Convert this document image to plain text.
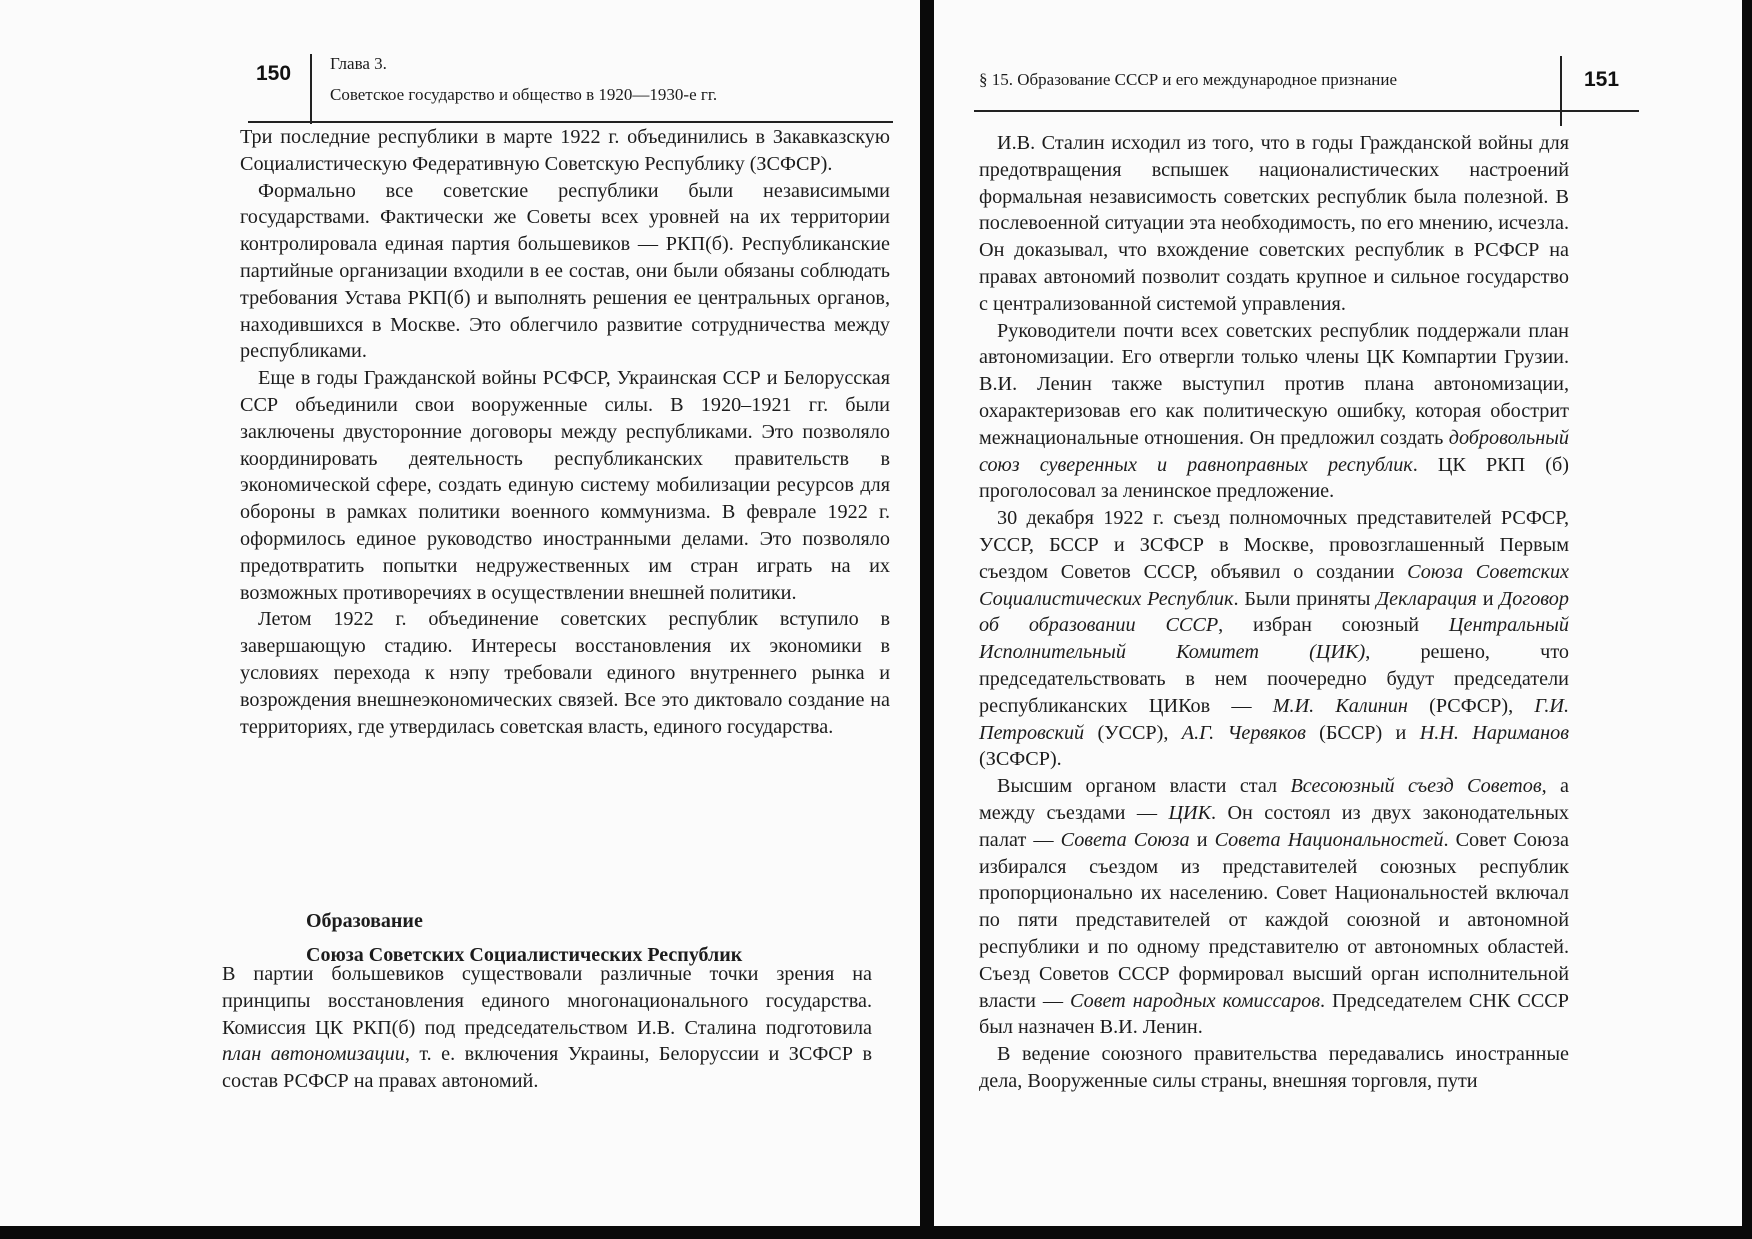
150 Глава 3.
Советское государство и общество в 1920—1930-е гг.

Три последние республики в марте 1922 г. объединились в Закавказскую Социалистическую Федеративную Советскую Республику (ЗСФСР).

Формально все советские республики были независимыми государствами. Фактически же Советы всех уровней на их территории контролировала единая партия большевиков — РКП(б). Республиканские партийные организации входили в ее состав, они были обязаны соблюдать требования Устава РКП(б) и выполнять решения ее центральных органов, находившихся в Москве. Это облегчило развитие сотрудничества между республиками.

Еще в годы Гражданской войны РСФСР, Украинская ССР и Белорусская ССР объединили свои вооруженные силы. В 1920–1921 гг. были заключены двусторонние договоры между республиками. Это позволяло координировать деятельность республиканских правительств в экономической сфере, создать единую систему мобилизации ресурсов для обороны в рамках политики военного коммунизма. В феврале 1922 г. оформилось единое руководство иностранными делами. Это позволяло предотвратить попытки недружественных им стран играть на их возможных противоречиях в осуществлении внешней политики.

Летом 1922 г. объединение советских республик вступило в завершающую стадию. Интересы восстановления их экономики в условиях перехода к нэпу требовали единого внутреннего рынка и возрождения внешнеэкономических связей. Все это диктовало создание на территориях, где утвердилась советская власть, единого государства.

Образование
Союза Советских Социалистических Республик

В партии большевиков существовали различные точки зрения на принципы восстановления единого многонационального государства. Комиссия ЦК РКП(б) под председательством И.В. Сталина подготовила план автономизации, т. е. включения Украины, Белоруссии и ЗСФСР в состав РСФСР на правах автономий.

§ 15. Образование СССР и его международное признание	151

И.В. Сталин исходил из того, что в годы Гражданской войны для предотвращения вспышек националистических настроений формальная независимость советских республик была полезной. В послевоенной ситуации эта необходимость, по его мнению, исчезла. Он доказывал, что вхождение советских республик в РСФСР на правах автономий позволит создать крупное и сильное государство с централизованной системой управления.

Руководители почти всех советских республик поддержали план автономизации. Его отвергли только члены ЦК Компартии Грузии. В.И. Ленин также выступил против плана автономизации, охарактеризовав его как политическую ошибку, которая обострит межнациональные отношения. Он предложил создать добровольный союз суверенных и равноправных республик. ЦК РКП (б) проголосовал за ленинское предложение.

30 декабря 1922 г. съезд полномочных представителей РСФСР, УССР, БССР и ЗСФСР в Москве, провозглашенный Первым съездом Советов СССР, объявил о создании Союза Советских Социалистических Республик. Были приняты Декларация и Договор об образовании СССР, избран союзный Центральный Исполнительный Комитет (ЦИК), решено, что председательствовать в нем поочередно будут председатели республиканских ЦИКов — М.И. Калинин (РСФСР), Г.И. Петровский (УССР), А.Г. Червяков (БССР) и Н.Н. Нариманов (ЗСФСР).

Высшим органом власти стал Всесоюзный съезд Советов, а между съездами — ЦИК. Он состоял из двух законодательных палат — Совета Союза и Совета Национальностей. Совет Союза избирался съездом из представителей союзных республик пропорционально их населению. Совет Национальностей включал по пяти представителей от каждой союзной и автономной республики и по одному представителю от автономных областей. Съезд Советов СССР формировал высший орган исполнительной власти — Совет народных комиссаров. Председателем СНК СССР был назначен В.И. Ленин.

В ведение союзного правительства передавались иностранные дела, Вооруженные силы страны, внешняя торговля, пути
